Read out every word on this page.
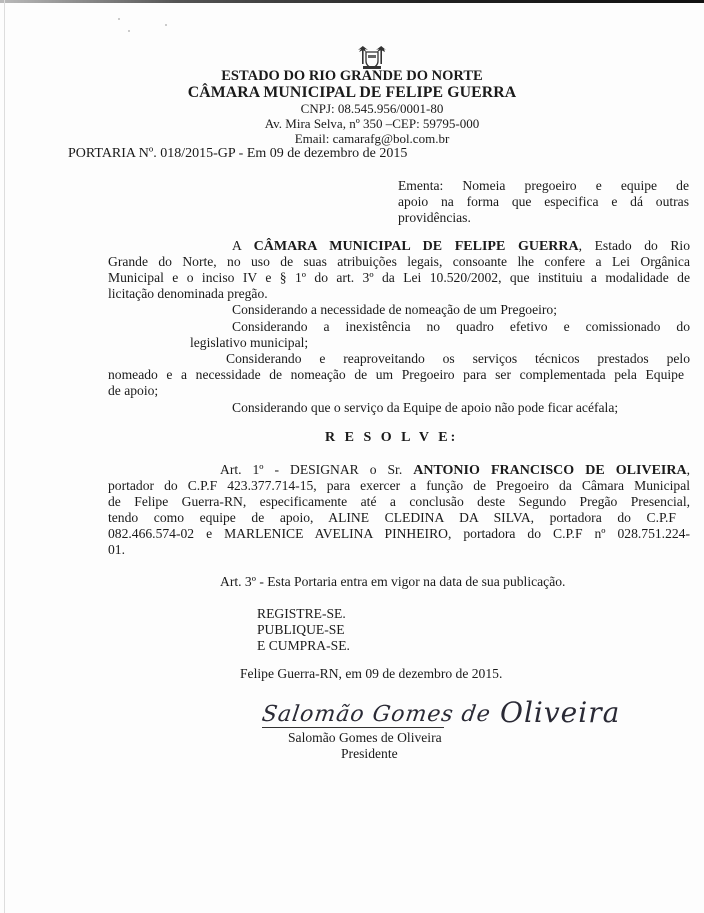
ESTADO DO RIO GRANDE DO NORTE
CÂMARA MUNICIPAL DE FELIPE GUERRA
CNPJ: 08.545.956/0001-80
Av. Mira Selva, nº 350 –CEP: 59795-000
Email: camarafg@bol.com.br
PORTARIA Nº. 018/2015-GP - Em 09 de dezembro de 2015
Ementa: Nomeia pregoeiro e equipe de
apoio na forma que especifica e dá outras
providências.
A CÂMARA MUNICIPAL DE FELIPE GUERRA, Estado do Rio
Grande do Norte, no uso de suas atribuições legais, consoante lhe confere a Lei Orgânica
Municipal e o inciso IV e § 1º do art. 3º da Lei 10.520/2002, que instituiu a modalidade de
licitação denominada pregão.
Considerando a necessidade de nomeação de um Pregoeiro;
Considerando a inexistência no quadro efetivo e comissionado do
legislativo municipal;
Considerando e reaproveitando os serviços técnicos prestados pelo
nomeado e a necessidade de nomeação de um Pregoeiro para ser complementada pela Equipe
de apoio;
Considerando que o serviço da Equipe de apoio não pode ficar acéfala;
R E S O L V E:
Art. 1º - DESIGNAR o Sr. ANTONIO FRANCISCO DE OLIVEIRA,
portador do C.P.F 423.377.714-15, para exercer a função de Pregoeiro da Câmara Municipal
de Felipe Guerra-RN, especificamente até a conclusão deste Segundo Pregão Presencial,
tendo como equipe de apoio, ALINE CLEDINA DA SILVA, portadora do C.P.F
082.466.574-02 e MARLENICE AVELINA PINHEIRO, portadora do C.P.F nº 028.751.224-
01.
Art. 3º - Esta Portaria entra em vigor na data de sua publicação.
REGISTRE-SE.
PUBLIQUE-SE
E CUMPRA-SE.
Felipe Guerra-RN, em 09 de dezembro de 2015.
Salomão Gomes de Oliveira
Salomão Gomes de Oliveira
Presidente
